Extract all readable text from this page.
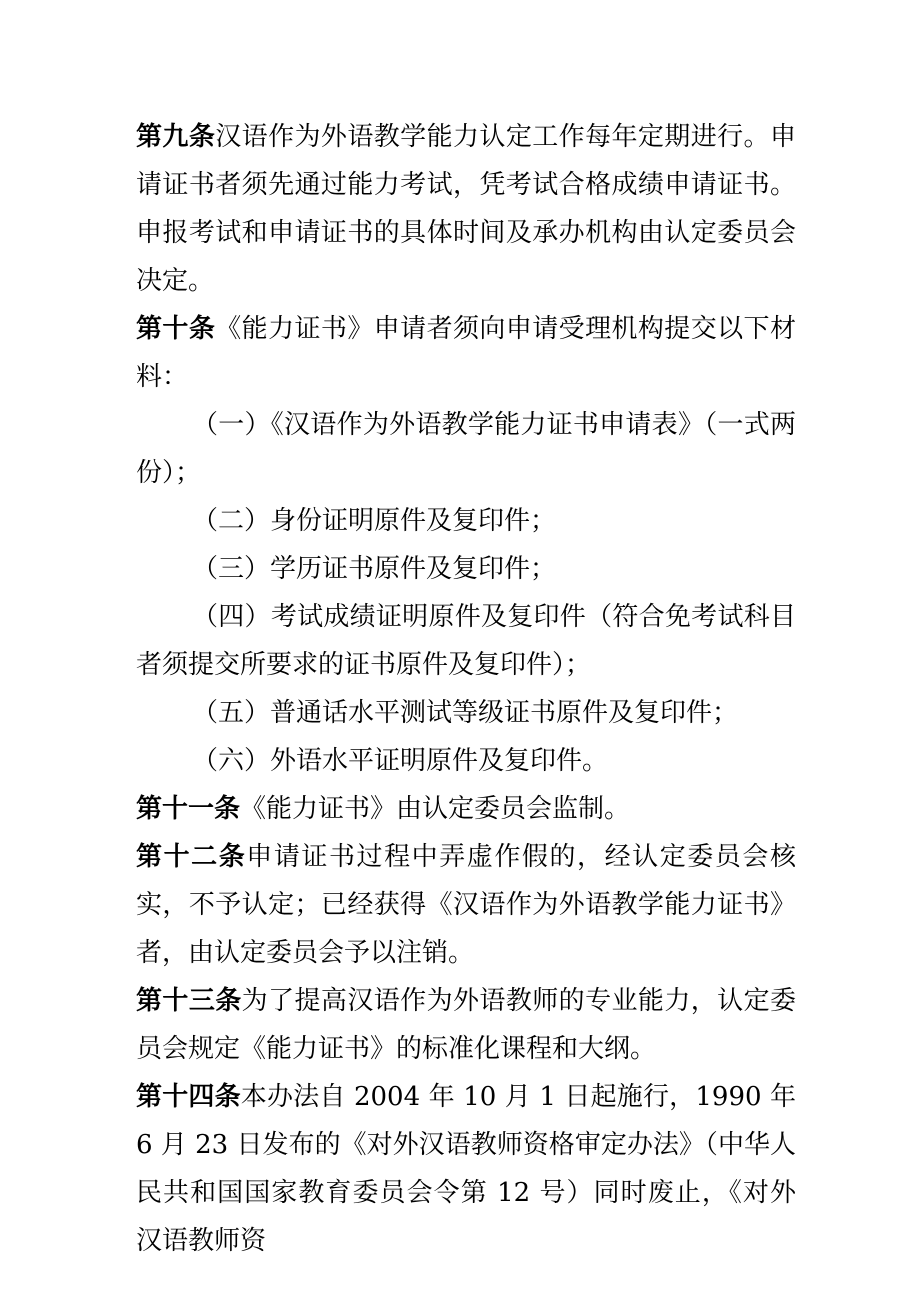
第九条汉语作为外语教学能力认定工作每年定期进行。申请证书者须先通过能力考试，凭考试合格成绩申请证书。申报考试和申请证书的具体时间及承办机构由认定委员会决定。

第十条《能力证书》申请者须向申请受理机构提交以下材料：

（一）《汉语作为外语教学能力证书申请表》（一式两份）；

（二）身份证明原件及复印件；

（三）学历证书原件及复印件；

（四）考试成绩证明原件及复印件（符合免考试科目者须提交所要求的证书原件及复印件）；

（五）普通话水平测试等级证书原件及复印件；

（六）外语水平证明原件及复印件。

第十一条《能力证书》由认定委员会监制。

第十二条申请证书过程中弄虚作假的，经认定委员会核实，不予认定；已经获得《汉语作为外语教学能力证书》者，由认定委员会予以注销。

第十三条为了提高汉语作为外语教师的专业能力，认定委员会规定《能力证书》的标准化课程和大纲。

第十四条本办法自 2004 年 10 月 1 日起施行，1990 年 6 月 23 日发布的《对外汉语教师资格审定办法》（中华人民共和国国家教育委员会令第 12 号）同时废止，《对外汉语教师资
